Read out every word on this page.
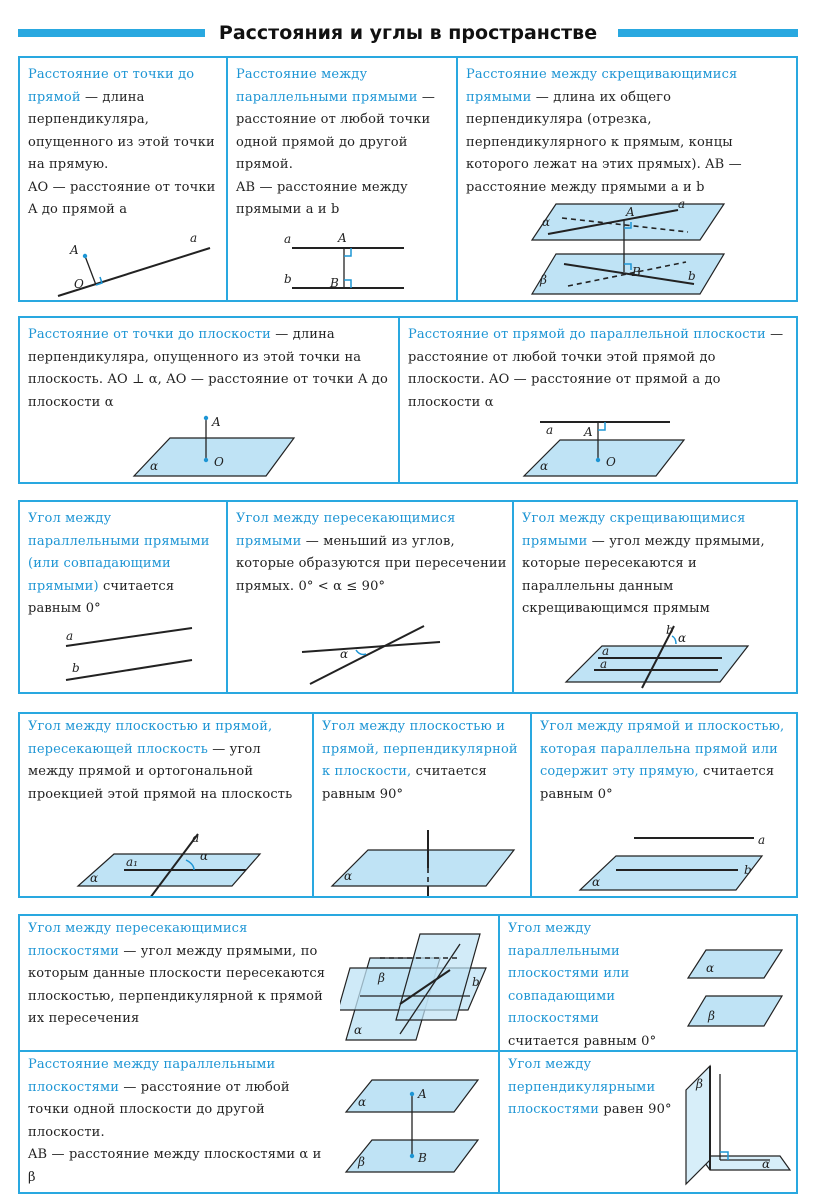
Расстояния и углы в пространстве

Расстояние от точки до прямой — длина перпендикуляра, опущенного из этой точки на прямую.
AO — расстояние от точки A до прямой a

A
O
a

Расстояние между параллельными прямыми — расстояние от любой точки одной прямой до другой прямой.
AB — расстояние между прямыми a и b

a	A
b	B

Расстояние между скрещивающимися прямыми — длина их общего перпендикуляра (отрезка, перпендикулярного к прямым, концы которого лежат на этих прямых). AB — расстояние между прямыми a и b

α
A
a
β
B	b

Расстояние от точки до плоскости — длина перпендикуляра, опущенного из этой точки на плоскость. AO ⊥ α, AO — расстояние от точки A до плоскости α

A
α	O

Расстояние от прямой до параллельной плоскости — расстояние от любой точки этой прямой до плоскости. AO — расстояние от прямой a до плоскости α

a	A
α	O

Угол между параллельными прямыми (или совпадающими прямыми) считается равным 0°

a
b

Угол между пересекающимися прямыми — меньший из углов, которые образуются при пересечении прямых. 0° < α ≤ 90°

α

Угол между скрещивающимися прямыми — угол между прямыми, которые пересекаются и параллельны данным скрещивающимся прямым

b
α
a
a

Угол между плоскостью и прямой, пересекающей плоскость — угол между прямой и ортогональной проекцией этой прямой на плоскость

a
a₁
α
α

Угол между плоскостью и прямой, перпендикулярной к плоскости, считается равным 90°

α

Угол между прямой и плоскостью, которая параллельна прямой или содержит эту прямую, считается равным 0°

a
b
α

Угол между пересекающимися плоскостями — угол между прямыми, по которым данные плоскости пересекаются плоскостью, перпендикулярной к прямой их пересечения

β	b
α

Угол между параллельными плоскостями или совпадающими плоскостями считается равным 0°

α
β

Расстояние между параллельными плоскостями — расстояние от любой точки одной плоскости до другой плоскости.
AB — расстояние между плоскостями α и β

α
A
β	B

Угол между перпендикулярными плоскостями равен 90°

β
α
